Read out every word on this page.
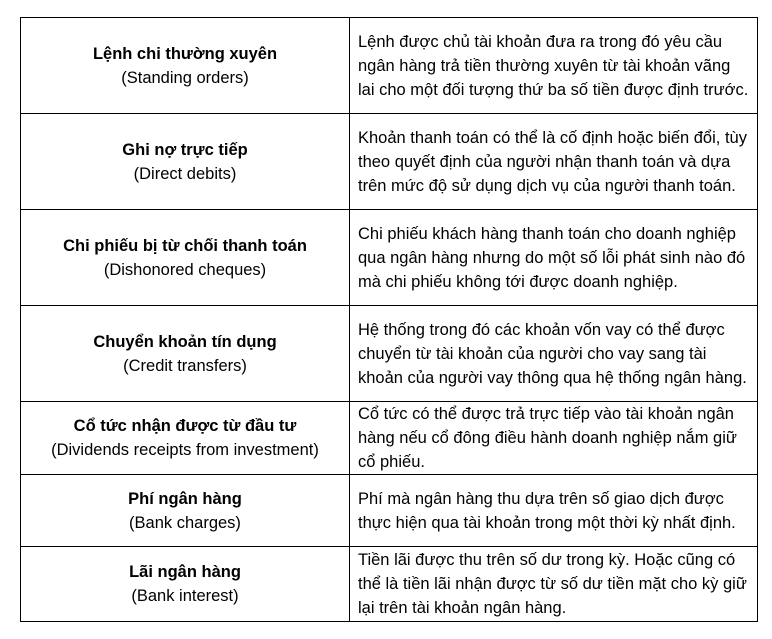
Lệnh chi thường xuyên
(Standing orders)	Lệnh được chủ tài khoản đưa ra trong đó yêu cầu ngân hàng trả tiền thường xuyên từ tài khoản vãng lai cho một đối tượng thứ ba số tiền được định trước.

Ghi nợ trực tiếp
(Direct debits)	Khoản thanh toán có thể là cố định hoặc biến đổi, tùy theo quyết định của người nhận thanh toán và dựa trên mức độ sử dụng dịch vụ của người thanh toán.

Chi phiếu bị từ chối thanh toán
(Dishonored cheques)	Chi phiếu khách hàng thanh toán cho doanh nghiệp qua ngân hàng nhưng do một số lỗi phát sinh nào đó mà chi phiếu không tới được doanh nghiệp.

Chuyển khoản tín dụng
(Credit transfers)	Hệ thống trong đó các khoản vốn vay có thể được chuyển từ tài khoản của người cho vay sang tài khoản của người vay thông qua hệ thống ngân hàng.

Cổ tức nhận được từ đầu tư
(Dividends receipts from investment)	Cổ tức có thể được trả trực tiếp vào tài khoản ngân hàng nếu cổ đông điều hành doanh nghiệp nắm giữ cổ phiếu.

Phí ngân hàng
(Bank charges)	Phí mà ngân hàng thu dựa trên số giao dịch được thực hiện qua tài khoản trong một thời kỳ nhất định.

Lãi ngân hàng
(Bank interest)	Tiền lãi được thu trên số dư trong kỳ. Hoặc cũng có thể là tiền lãi nhận được từ số dư tiền mặt cho kỳ giữ lại trên tài khoản ngân hàng.
